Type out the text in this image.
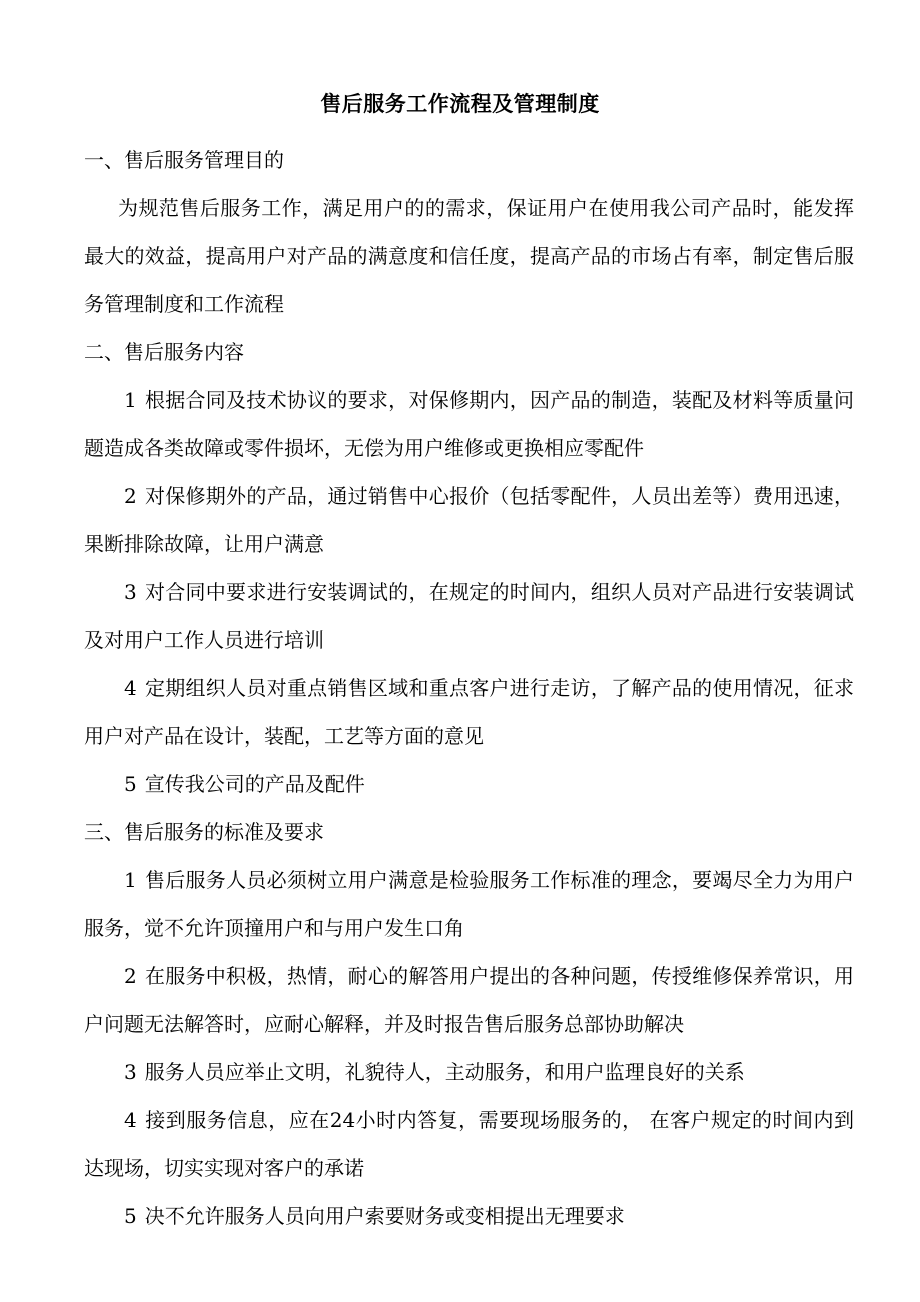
售后服务工作流程及管理制度

一、售后服务管理目的

为规范售后服务工作，满足用户的的需求，保证用户在使用我公司产品时，能发挥最大的效益，提高用户对产品的满意度和信任度，提高产品的市场占有率，制定售后服务管理制度和工作流程

二、售后服务内容

1 根据合同及技术协议的要求，对保修期内，因产品的制造，装配及材料等质量问题造成各类故障或零件损坏，无偿为用户维修或更换相应零配件

2 对保修期外的产品，通过销售中心报价（包括零配件，人员出差等）费用迅速，果断排除故障，让用户满意

3 对合同中要求进行安装调试的，在规定的时间内，组织人员对产品进行安装调试及对用户工作人员进行培训

4 定期组织人员对重点销售区域和重点客户进行走访，了解产品的使用情况，征求用户对产品在设计，装配，工艺等方面的意见

5 宣传我公司的产品及配件

三、售后服务的标准及要求

1 售后服务人员必须树立用户满意是检验服务工作标准的理念，要竭尽全力为用户服务，觉不允许顶撞用户和与用户发生口角

2 在服务中积极，热情，耐心的解答用户提出的各种问题，传授维修保养常识，用户问题无法解答时，应耐心解释，并及时报告售后服务总部协助解决

3 服务人员应举止文明，礼貌待人，主动服务，和用户监理良好的关系

4 接到服务信息，应在24小时内答复，需要现场服务的， 在客户规定的时间内到达现场，切实实现对客户的承诺

5 决不允许服务人员向用户索要财务或变相提出无理要求
